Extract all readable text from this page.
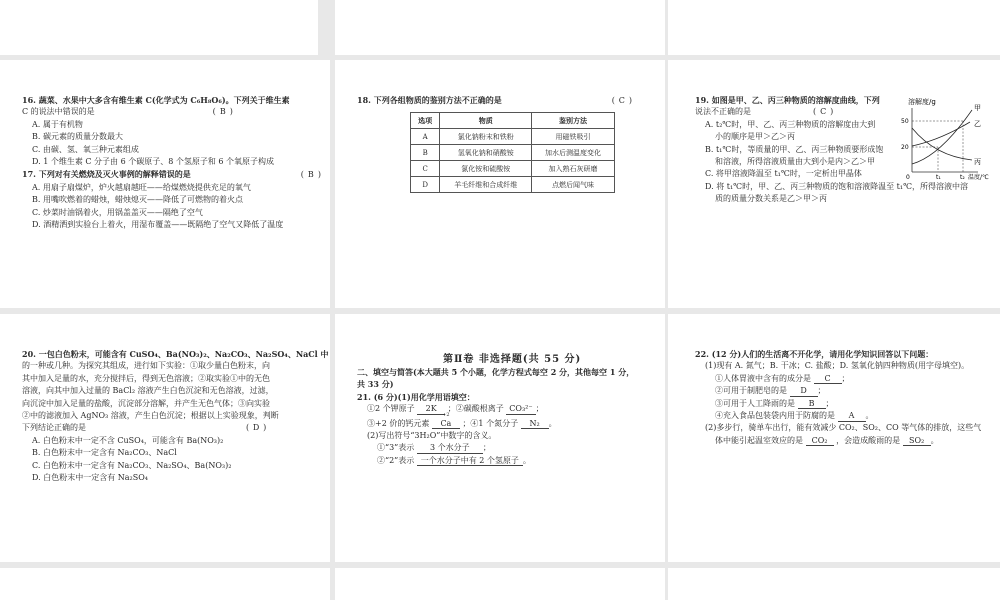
16. 蔬菜、水果中大多含有维生素 C(化学式为 C₆H₈O₆)。下列关于维生素

C 的说法中错误的是	( B )

A. 属于有机物

B. 碳元素的质量分数最大

C. 由碳、氢、氧三种元素组成

D. 1 个维生素 C 分子由 6 个碳原子、8 个氢原子和 6 个氧原子构成

17. 下列对有关燃烧及灭火事例的解释错误的是	( B )

A. 用扇子扇煤炉，炉火越扇越旺——给煤燃烧提供充足的氧气

B. 用嘴吹燃着的蜡烛，蜡烛熄灭——降低了可燃物的着火点

C. 炒菜时油锅着火，用锅盖盖灭——隔绝了空气

D. 酒精洒到实验台上着火，用湿布覆盖——既隔绝了空气又降低了温度

18. 下列各组物质的鉴别方法不正确的是	( C )

选项	物质	鉴别方法
A	氯化钠粉末和铁粉	用磁铁吸引
B	氢氧化钠和硝酸铵	加水后测温度变化
C	氯化铵和硫酸铵	加入熟石灰研磨
D	羊毛纤维和合成纤维	点燃后闻气味

19. 如图是甲、乙、丙三种物质的溶解度曲线，下列

说法不正确的是	( C )

A. t₂℃时，甲、乙、丙三种物质的溶解度由大到

小的顺序是甲＞乙＞丙

B. t₁℃时，等质量的甲、乙、丙三种物质要形成饱

和溶液，所得溶液质量由大到小是内＞乙＞甲

C. 将甲溶液降温至 t₁℃时，一定析出甲晶体

D. 将 t₁℃时，甲、乙、丙三种物质的饱和溶液降温至 t₁℃，所得溶液中溶

质的质量分数关系是乙＞甲＞丙

溶解度/g
50
20
0	t₁	t₂ 温度/℃
甲
乙
丙

20. 一包白色粉末，可能含有 CuSO₄、Ba(NO₃)₂、Na₂CO₃、Na₂SO₄、NaCl 中

的一种或几种。为探究其组成，进行如下实验：①取少量白色粉末，向

其中加入足量的水，充分搅拌后，得到无色溶液；②取实验①中的无色

溶液，向其中加入过量的 BaCl₂ 溶液产生白色沉淀和无色溶液，过滤，

向沉淀中加入足量的盐酸，沉淀部分溶解，并产生无色气体；③向实验

②中的滤液加入 AgNO₃ 溶液，产生白色沉淀；根据以上实验现象，判断

下列结论正确的是	( D )

A. 白色粉末中一定不含 CuSO₄，可能含有 Ba(NO₃)₂

B. 白色粉末中一定含有 Na₂CO₃、NaCl

C. 白色粉末中一定含有 Na₂CO₃、Na₂SO₄、Ba(NO₃)₂

D. 白色粉末中一定含有 Na₂SO₄

第Ⅱ卷 非选择题(共 55 分)

二、填空与简答(本大题共 5 个小题，化学方程式每空 2 分，其他每空 1 分，

共 33 分)

21. (6 分)(1)用化学用语填空：

①2 个钾原子 2K ；②碳酸根离子 CO₃²⁻ ；

③+2 价的钙元素
+2
Ca ；④1 个氮分子 N₂ 。

(2)写出符号“3H₂O”中数字的含义。

①“3”表示 3 个水分子 ；

②“2”表示 一个水分子中有 2 个氢原子 。

22. (12 分)人们的生活离不开化学，请用化学知识回答以下问题：

(1)现有 A. 氮气；B. 干冰；C. 盐酸；D. 氢氧化钠四种物质(用字母填空)。

①人体胃液中含有的成分是 C ；

②可用于制肥皂的是 D ；

③可用于人工降雨的是 B ；

④充入食品包装袋内用于防腐的是 A 。

(2)多步行，骑单车出行，能有效减少 CO₂、SO₂、CO 等气体的排放，这些气

体中能引起温室效应的是 CO₂ ，会造成酸雨的是 SO₂ 。
